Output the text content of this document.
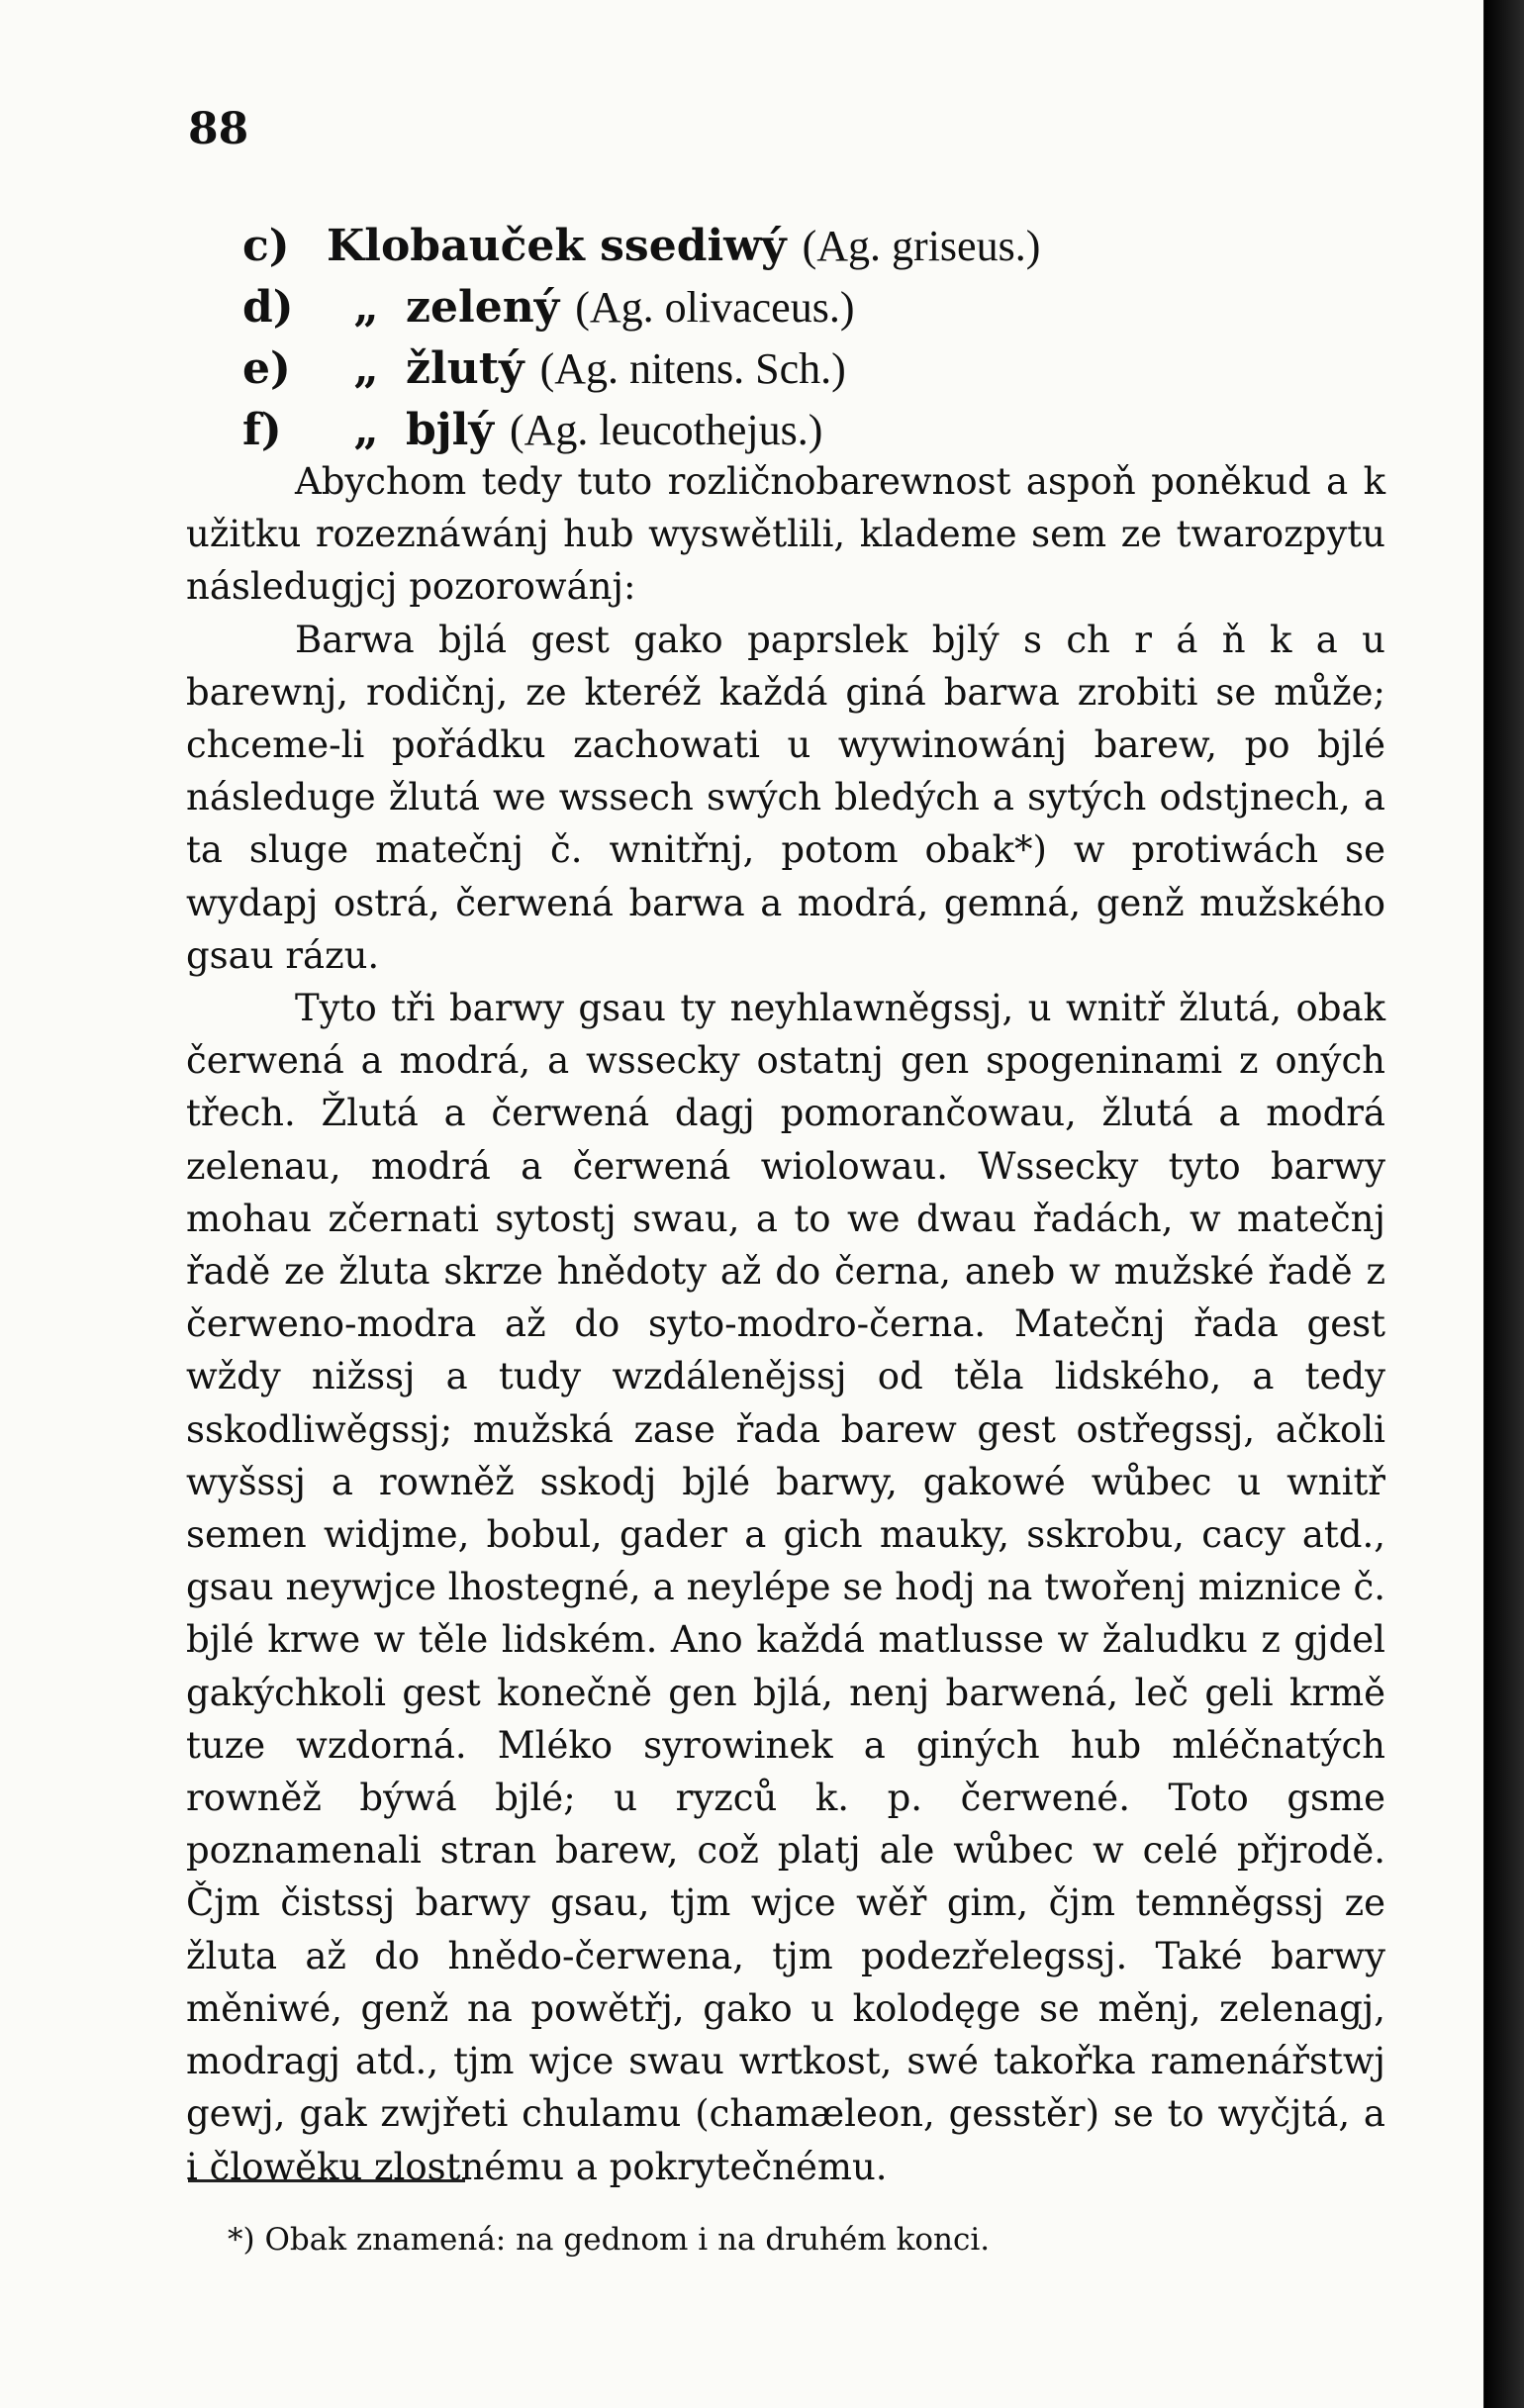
88
c) Klobauček ssediwý (Ag. griseus.)
d)	„ zelený (Ag. olivaceus.)
e)	„ žlutý (Ag. nitens. Sch.)
f)	„ bjlý (Ag. leucothejus.)

Abychom tedy tuto rozličnobarewnost aspoň poněkud a k užitku rozeznáwánj hub wyswětlili, klademe sem ze twarozpytu následugjcj pozorowánj:

Barwa bjlá gest gako paprslek bjlý s ch r á ň k a u barewnj, rodičnj, ze kteréž každá giná barwa zrobiti se může; chceme-li pořádku zachowati u wywinowánj barew, po bjlé následuge žlutá we wssech swých bledých a sytých odstjnech, a ta sluge matečnj č. wnitřnj, potom obak*) w protiwách se wydapj ostrá, čerwená barwa a modrá, gemná, genž mužského gsau rázu.

Tyto tři barwy gsau ty neyhlawněgssj, u wnitř žlutá, obak čerwená a modrá, a wssecky ostatnj gen spogeninami z oných třech. Žlutá a čerwená dagj pomorančowau, žlutá a modrá zelenau, modrá a čerwená wiolowau. Wssecky tyto barwy mohau zčernati sytostj swau, a to we dwau řadách, w matečnj řadě ze žluta skrze hnědoty až do černa, aneb w mužské řadě z čerweno-modra až do syto-modro-černa. Matečnj řada gest wždy nižssj a tudy wzdálenějssj od těla lidského, a tedy sskodliwěgssj; mužská zase řada barew gest ostřegssj, ačkoli wyšssj a rowněž sskodj bjlé barwy, gakowé wůbec u wnitř semen widjme, bobul, gader a gich mauky, sskrobu, cacy atd., gsau neywjce lhostegné, a neylépe se hodj na twořenj miznice č. bjlé krwe w těle lidském. Ano každá matlusse w žaludku z gjdel gakýchkoli gest konečně gen bjlá, nenj barwená, leč geli krmě tuze wzdorná. Mléko syrowinek a giných hub mléčnatých rowněž býwá bjlé; u ryzců k. p. čerwené. Toto gsme poznamenali stran barew, což platj ale wůbec w celé přjrodě. Čjm čistssj barwy gsau, tjm wjce wěř gim, čjm temněgssj ze žluta až do hnědo-čerwena, tjm podezřelegssj. Také barwy měniwé, genž na powětřj, gako u kolodęge se měnj, zelenagj, modragj atd., tjm wjce swau wrtkost, swé takořka ramenářstwj gewj, gak zwjřeti chulamu (chamæleon, gesstěr) se to wyčjtá, a i člowěku zlostnému a pokrytečnému.

*) Obak znamená: na gednom i na druhém konci.
